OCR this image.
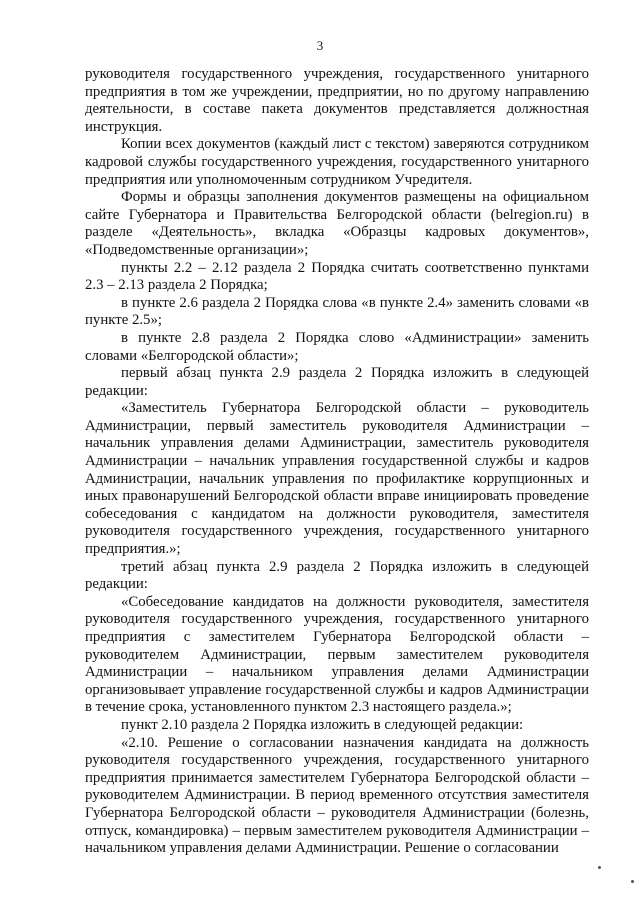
3

руководителя государственного учреждения, государственного унитарного предприятия в том же учреждении, предприятии, но по другому направлению деятельности, в составе пакета документов представляется должностная инструкция.

Копии всех документов (каждый лист с текстом) заверяются сотрудником кадровой службы государственного учреждения, государственного унитарного предприятия или уполномоченным сотрудником Учредителя.

Формы и образцы заполнения документов размещены на официальном сайте Губернатора и Правительства Белгородской области (belregion.ru) в разделе «Деятельность», вкладка «Образцы кадровых документов», «Подведомственные организации»;

пункты 2.2 – 2.12 раздела 2 Порядка считать соответственно пунктами 2.3 – 2.13 раздела 2 Порядка;

в пункте 2.6 раздела 2 Порядка слова «в пункте 2.4» заменить словами «в пункте 2.5»;

в пункте 2.8 раздела 2 Порядка слово «Администрации» заменить словами «Белгородской области»;

первый абзац пункта 2.9 раздела 2 Порядка изложить в следующей редакции:

«Заместитель Губернатора Белгородской области – руководитель Администрации, первый заместитель руководителя Администрации – начальник управления делами Администрации, заместитель руководителя Администрации – начальник управления государственной службы и кадров Администрации, начальник управления по профилактике коррупционных и иных правонарушений Белгородской области вправе инициировать проведение собеседования с кандидатом на должности руководителя, заместителя руководителя государственного учреждения, государственного унитарного предприятия.»;

третий абзац пункта 2.9 раздела 2 Порядка изложить в следующей редакции:

«Собеседование кандидатов на должности руководителя, заместителя руководителя государственного учреждения, государственного унитарного предприятия с заместителем Губернатора Белгородской области – руководителем Администрации, первым заместителем руководителя Администрации – начальником управления делами Администрации организовывает управление государственной службы и кадров Администрации в течение срока, установленного пунктом 2.3 настоящего раздела.»;

пункт 2.10 раздела 2 Порядка изложить в следующей редакции:

«2.10. Решение о согласовании назначения кандидата на должность руководителя государственного учреждения, государственного унитарного предприятия принимается заместителем Губернатора Белгородской области – руководителем Администрации. В период временного отсутствия заместителя Губернатора Белгородской области – руководителя Администрации (болезнь, отпуск, командировка) – первым заместителем руководителя Администрации – начальником управления делами Администрации. Решение о согласовании
